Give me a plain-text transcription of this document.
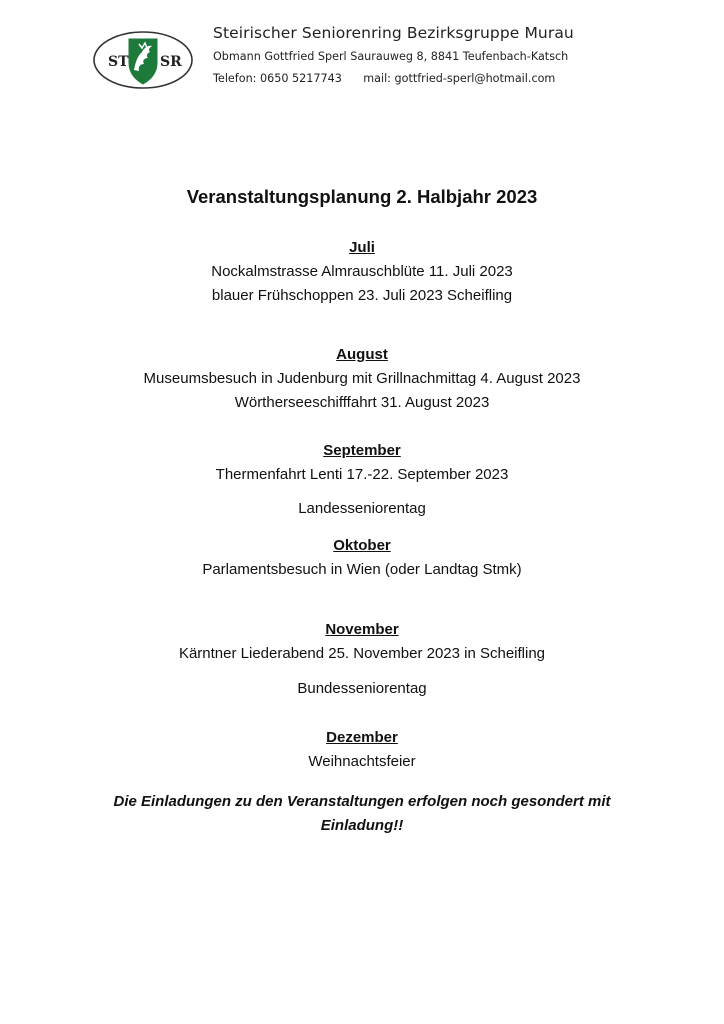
ST SR
Steirischer Seniorenring Bezirksgruppe Murau
Obmann Gottfried Sperl Saurauweg 8, 8841 Teufenbach-Katsch
Telefon: 0650 5217743 mail: gottfried-sperl@hotmail.com
Veranstaltungsplanung 2. Halbjahr 2023
Juli
Nockalmstrasse Almrauschblüte 11. Juli 2023
blauer Frühschoppen 23. Juli 2023 Scheifling
August
Museumsbesuch in Judenburg mit Grillnachmittag 4. August 2023
Wörtherseeschifffahrt 31. August 2023
September
Thermenfahrt Lenti 17.-22. September 2023
Landesseniorentag
Oktober
Parlamentsbesuch in Wien (oder Landtag Stmk)
November
Kärntner Liederabend 25. November 2023 in Scheifling
Bundesseniorentag
Dezember
Weihnachtsfeier
Die Einladungen zu den Veranstaltungen erfolgen noch gesondert mit Einladung!!
